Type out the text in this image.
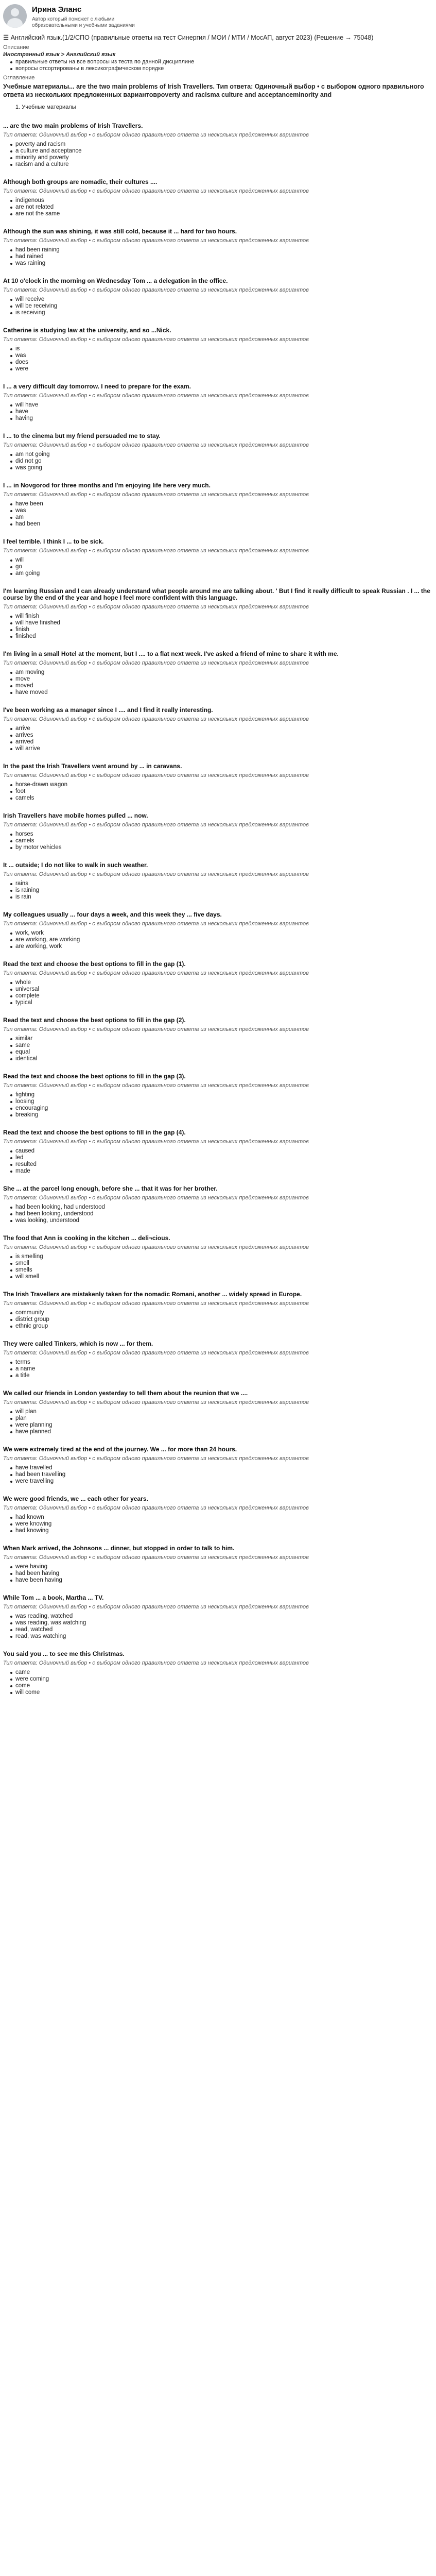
Ирина Эланс
Автор который поможет с любыми образовательными и учебными заданиями
☰ Английский язык.(1/2/СПО (правильные ответы на тест Синергия / МОИ / МТИ / МосАП, август 2023) (Решение → 75048)
Описание
Иностранный язык > Английский язык
правильные ответы на все вопросы из теста по данной дисциплине
вопросы отсортированы в лексикографическом порядке
Оглавление
Учебные материалы... are the two main problems of Irish Travellers. Тип ответа: Одиночный выбор • с выбором одного правильного ответа из нескольких предложенных вариантовpoverty and racisma culture and acceptanceminority and
1. Учебные материалы
... are the two main problems of Irish Travellers.
Тип ответа: Одиночный выбор • с выбором одного правильного ответа из нескольких предложенных вариантов
poverty and racism
a culture and acceptance
minority and poverty
racism and a culture
Although both groups are nomadic, their cultures ....
Тип ответа: Одиночный выбор • с выбором одного правильного ответа из нескольких предложенных вариантов
indigenous
are not related
are not the same
Although the sun was shining, it was still cold, because it ... hard for two hours.
Тип ответа: Одиночный выбор • с выбором одного правильного ответа из нескольких предложенных вариантов
had been raining
had rained
was raining
At 10 o'clock in the morning on Wednesday Tom ... a delegation in the office.
Тип ответа: Одиночный выбор • с выбором одного правильного ответа из нескольких предложенных вариантов
will receive
will be receiving
is receiving
Catherine is studying law at the university, and so ...Nick.
Тип ответа: Одиночный выбор • с выбором одного правильного ответа из нескольких предложенных вариантов
is
was
does
were
I ... a very difficult day tomorrow. I need to prepare for the exam.
Тип ответа: Одиночный выбор • с выбором одного правильного ответа из нескольких предложенных вариантов
will have
have
having
I ... to the cinema but my friend persuaded me to stay.
Тип ответа: Одиночный выбор • с выбором одного правильного ответа из нескольких предложенных вариантов
am not going
did not go
was going
I ... in Novgorod for three months and I'm enjoying life here very much.
Тип ответа: Одиночный выбор • с выбором одного правильного ответа из нескольких предложенных вариантов
have been
was
am
had been
I feel terrible. I think I ... to be sick.
Тип ответа: Одиночный выбор • с выбором одного правильного ответа из нескольких предложенных вариантов
will
go
am going
I'm learning Russian and I can already understand what people around me are talking about. ' But I find it really difficult to speak Russian . I ... the course by the end of the year and hope I feel more confident with this language.
Тип ответа: Одиночный выбор • с выбором одного правильного ответа из нескольких предложенных вариантов
will finish
will have finished
finish
finished
I'm living in a small Hotel at the moment, but I .... to a flat next week. I've asked a friend of mine to share it with me.
Тип ответа: Одиночный выбор • с выбором одного правильного ответа из нескольких предложенных вариантов
am moving
move
moved
have moved
I've been working as a manager since I .... and I find it really interesting.
Тип ответа: Одиночный выбор • с выбором одного правильного ответа из нескольких предложенных вариантов
arrive
arrives
arrived
will arrive
In the past the Irish Travellers went around by ... in caravans.
Тип ответа: Одиночный выбор • с выбором одного правильного ответа из нескольких предложенных вариантов
horse-drawn wagon
foot
camels
Irish Travellers have mobile homes pulled ... now.
Тип ответа: Одиночный выбор • с выбором одного правильного ответа из нескольких предложенных вариантов
horses
camels
by motor vehicles
It ... outside; I do not like to walk in such weather.
Тип ответа: Одиночный выбор • с выбором одного правильного ответа из нескольких предложенных вариантов
rains
is raining
is rain
My colleagues usually ... four days a week, and this week they ... five days.
Тип ответа: Одиночный выбор • с выбором одного правильного ответа из нескольких предложенных вариантов
work, work
are working, are working
are working, work
Read the text and choose the best options to fill in the gap (1).
Тип ответа: Одиночный выбор • с выбором одного правильного ответа из нескольких предложенных вариантов
whole
universal
complete
typical
Read the text and choose the best options to fill in the gap (2).
Тип ответа: Одиночный выбор • с выбором одного правильного ответа из нескольких предложенных вариантов
similar
same
equal
identical
Read the text and choose the best options to fill in the gap (3).
Тип ответа: Одиночный выбор • с выбором одного правильного ответа из нескольких предложенных вариантов
fighting
loosing
encouraging
breaking
Read the text and choose the best options to fill in the gap (4).
Тип ответа: Одиночный выбор • с выбором одного правильного ответа из нескольких предложенных вариантов
caused
led
resulted
made
She ... at the parcel long enough, before she ... that it was for her brother.
Тип ответа: Одиночный выбор • с выбором одного правильного ответа из нескольких предложенных вариантов
had been looking, had understood
had been looking, understood
was looking, understood
The food that Ann is cooking in the kitchen ... deli¬cious.
Тип ответа: Одиночный выбор • с выбором одного правильного ответа из нескольких предложенных вариантов
is smelling
smell
smells
will smell
The Irish Travellers are mistakenly taken for the nomadic Romani, another ... widely spread in Europe.
Тип ответа: Одиночный выбор • с выбором одного правильного ответа из нескольких предложенных вариантов
community
district group
ethnic group
They were called Tinkers, which is now ... for them.
Тип ответа: Одиночный выбор • с выбором одного правильного ответа из нескольких предложенных вариантов
terms
a name
a title
We called our friends in London yesterday to tell them about the reunion that we ....
Тип ответа: Одиночный выбор • с выбором одного правильного ответа из нескольких предложенных вариантов
will plan
plan
were planning
have planned
We were extremely tired at the end of the journey. We ... for more than 24 hours.
Тип ответа: Одиночный выбор • с выбором одного правильного ответа из нескольких предложенных вариантов
have travelled
had been travelling
were travelling
We were good friends, we ... each other for years.
Тип ответа: Одиночный выбор • с выбором одного правильного ответа из нескольких предложенных вариантов
had known
were knowing
had knowing
When Mark arrived, the Johnsons ... dinner, but stopped in order to talk to him.
Тип ответа: Одиночный выбор • с выбором одного правильного ответа из нескольких предложенных вариантов
were having
had been having
have been having
While Tom ... a book, Martha ... TV.
Тип ответа: Одиночный выбор • с выбором одного правильного ответа из нескольких предложенных вариантов
was reading, watched
was reading, was watching
read, watched
read, was watching
You said you ... to see me this Christmas.
Тип ответа: Одиночный выбор • с выбором одного правильного ответа из нескольких предложенных вариантов
came
were coming
come
will come
